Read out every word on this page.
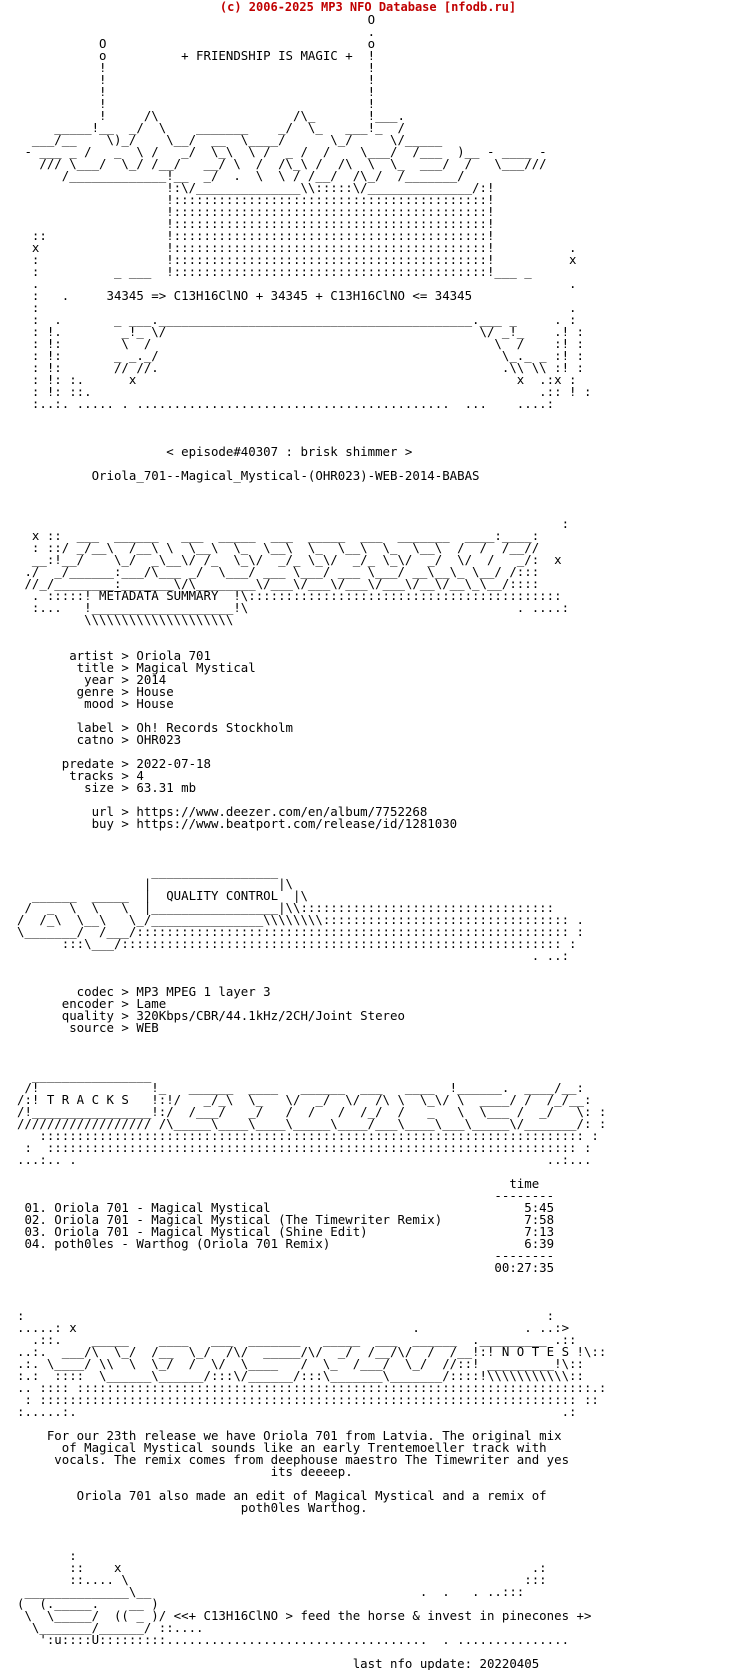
(c) 2006-2025 MP3 NFO Database [nfodb.ru]
O
.
O                                   o
o          + FRIENDSHIP IS MAGIC +  !
!                                   !
!                                   !
!                                   !
!                                   !
!     /\                  /\_       !___.
_____!__  _/  \    _______    _/  \_   ___!_  /
___/__    \)_/    \__/  __  \____/      \_/     \/_____
- ___ _ /   _  \ /   _/  \_\  \ /  _ /  /    \___/  /___  )__ - ____ -
/// \___/  \_/ /__/   __/ \  /  /\_\ /  /\  \  \_  ___/  /   \___///
/_____________!__  _/  .  \  \ / /__/  /\_/  /_______/
!:\/______________\\:::::\/______________/:!
!::::::::::::::::::::::::::::::::::::::::::!
!::::::::::::::::::::::::::::::::::::::::::!
!::::::::::::::::::::::::::::::::::::::::::!
::                !::::::::::::::::::::::::::::::::::::::::::!
x                 !::::::::::::::::::::::::::::::::::::::::::!          .
:                 !::::::::::::::::::::::::::::::::::::::::::!          x
:          _ ___  !::::::::::::::::::::::::::::::::::::::::::!___ _
.                                                                       .
:   .     34345 => C13H16ClNO + 34345 + C13H16ClNO <= 34345
:                                                                       .
:  .       _ ___.__________________________________________.___ _     . :
: !.        _!_ \/                                          \/ _!_    .! :
: !:        \  /                                              \  /    :! :
: !:       _ _._/                                              \_._ _ :! :
: !:       // //.                                              .\\ \\ :! :
: !: :.      x                                                   x  .:x :
: !: ::.                                                            .:: ! :
:..:. ..... . ..........................................  ...    ....:

< episode#40307 : brisk shimmer >

Oriola_701--Magical_Mystical-(OHR023)-WEB-2014-BABAS

:
x ::  ___  ______   ___  _____  ___  _____  ___  _______  ____:____:
: ::/ _/__\  /__\ \  \__\  \_  \__\  \_  \__\  \_  \__\  /  /  /__//
__:!__/    \_/  _\__\/ /_  \_\/  _/_ \_\/  _/_ \_\/  _/  \/  /   _/:  x
./  _/______:___/\___ _/  \___/ ___ \___/ ___ \___/ __\__\_ \__/ /:::
//_/________:_______\/\________\/___\/___\/___\/___\/__\/__\_\__/::::
. :::::! METADATA SUMMARY  !\::::::::::::::::::::::::::::::::::::::::::
:...   !___________________!\                                    . ....:
\\\\\\\\\\\\\\\\\\\\

artist > Oriola 701
title > Magical Mystical
year > 2014
genre > House
mood > House

label > Oh! Records Stockholm
catno > OHR023

predate > 2022-07-18
tracks > 4
size > 63.31 mb

url > https://www.deezer.com/en/album/7752268
buy > https://www.beatport.com/release/id/1281030

_________________
|                 |\
______  _____  |  QUALITY CONTROL  |\
/  _  \  \   \  |_________________|\\::::::::::::::::::::::::::::::::::
/  /_\  \__\   \_/_______________\\\\\\\\::::::::::::::::::::::::::::::::: .
\_______/  /___/:::::::::::::::::::::::::::::::::::::::::::::::::::::::::: :
:::\___/::::::::::::::::::::::::::::::::::::::::::::::::::::::::::: :
. ..:

codec > MP3 MPEG 1 layer 3
encoder > Lame
quality > 320Kbps/CBR/44.1kHz/2CH/Joint Stereo
source > WEB

________________
/!               !_   ______  ____   ______  ___   ____  !______.  ____/__:
/:! T R A C K S   !:!/   _/_\  \_   \/  _/  \/  /\ \  \_\/ \  ____/ /  /_/__:
/!________________!:/  /___/   _/   /  /   /  /_/  /   _   \  \___ /  _/   \: :
////////////////// /\_____\____\____\_____\____/___\____\___\_____\/_______/: :
::::::::::::::::::::::::::::::::::::::::::::::::::::::::::::::::::::::::: :
:  ::::::::::::::::::::::::::::::::::::::::::::::::::::::::::::::::::::::: :
...:.. .                                                               ..:...

time
--------
01. Oriola 701 - Magical Mystical                                  5:45
02. Oriola 701 - Magical Mystical (The Timewriter Remix)           7:58
03. Oriola 701 - Magical Mystical (Shine Edit)                     7:13
04. poth0les - Warthog (Oriola 701 Remix)                          6:39
--------
00:27:35

:                                                                      :
.....: x                                             .              . ..:>
.::.    _____    ____   ___  _______   _____  ___  ______  ._________ .::
..:.  ___/\  \_/  /__  \_/  /\/  _____/\/  _/  /__/\/  /  /__!:! N O T E S !\::
.:. \____/ \\  \  \_/  /  \/  \____   /  \_  /___/  \_/  //::! _________!\::
:.:  ::::  \______\______/:::\/______/:::\_______\_______/::::!\\\\\\\\\\\::
.. :::: :::::::::::::::::::::::::::::::::::::::::::::::::::::::::::::::::::::.:
: :::::::::::::::::::::::::::::::::::::::::::::::::::::::::::::::::::::::: ::
:.....:.                                                                 .:

For our 23th release we have Oriola 701 from Latvia. The original mix
of Magical Mystical sounds like an early Trentemoeller track with
vocals. The remix comes from deephouse maestro The Timewriter and yes
its deeeep.

Oriola 701 also made an edit of Magical Mystical and a remix of
poth0les Warthog.

:
::    x                                                       .:
::.... \                                                     :::
______________\__                                    .  .   . ..:::
(  (._____.    __ )
\  \_____/  (( _ )/ <<+ C13H16ClNO > feed the horse & invest in pinecones +>
\_______/______/ ::....
':u::::U:::::::::...................................  . ...............

last nfo update: 20220405
